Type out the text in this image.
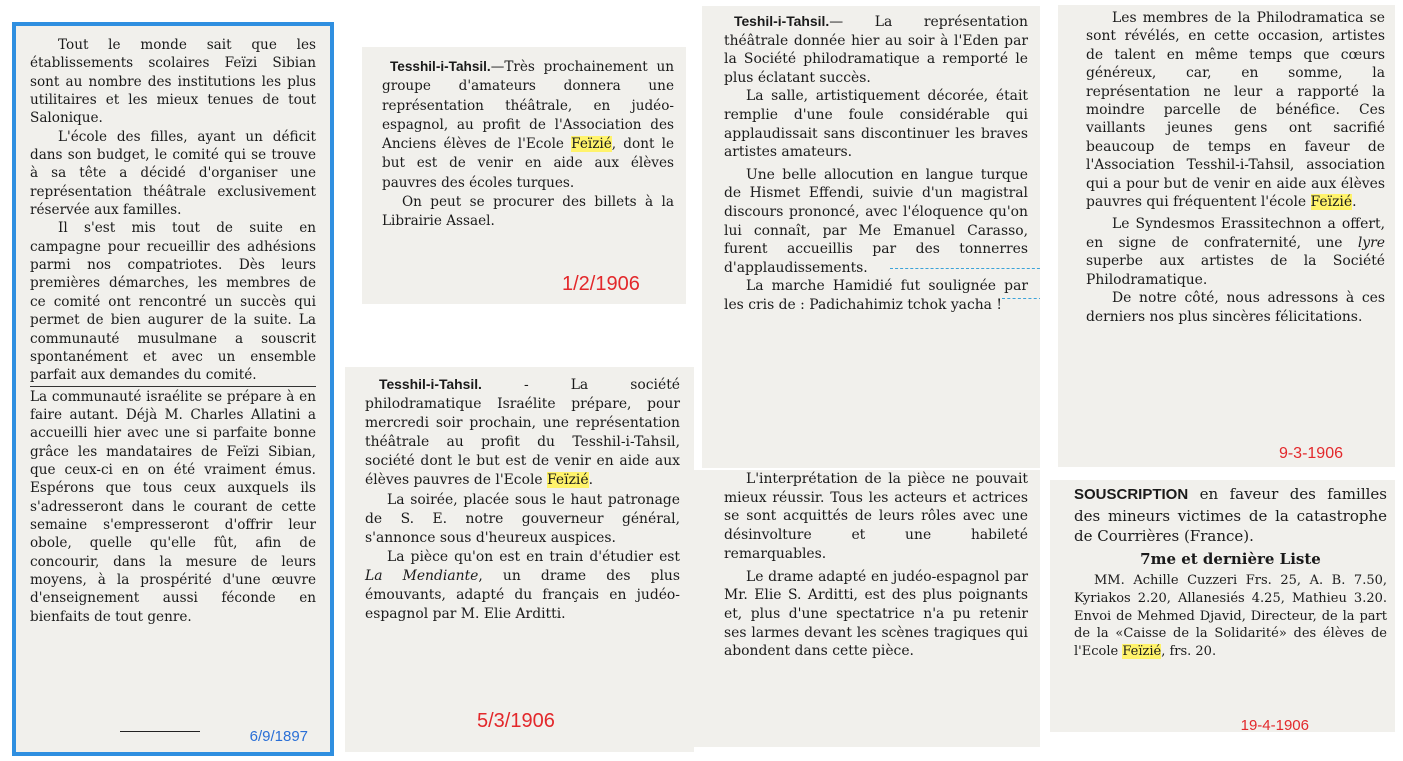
Tout le monde sait que les établissements scolaires Feïzi Sibian sont au nombre des institutions les plus utilitaires et les mieux tenues de tout Salonique.

L'école des filles, ayant un déficit dans son budget, le comité qui se trouve à sa tête a décidé d'organiser une représentation théâtrale exclusivement réservée aux familles.

Il s'est mis tout de suite en campagne pour recueillir des adhésions parmi nos compatriotes. Dès leurs premières démarches, les membres de ce comité ont rencontré un succès qui permet de bien augurer de la suite. La communauté musulmane a souscrit spontanément et avec un ensemble parfait aux demandes du comité.

La communauté israélite se prépare à en faire autant. Déjà M. Charles Allatini a accueilli hier avec une si parfaite bonne grâce les mandataires de Feïzi Sibian, que ceux-ci en on été vraiment émus. Espérons que tous ceux auxquels ils s'adresseront dans le courant de cette semaine s'empresseront d'offrir leur obole, quelle qu'elle fût, afin de concourir, dans la mesure de leurs moyens, à la prospérité d'une œuvre d'enseignement aussi féconde en bienfaits de tout genre.

6/9/1897

Tesshil-i-Tahsil.—Très prochainement un groupe d'amateurs donnera une représentation théâtrale, en judéo-espagnol, au profit de l'Association des Anciens élèves de l'Ecole Feïzié, dont le but est de venir en aide aux élèves pauvres des écoles turques.

On peut se procurer des billets à la Librairie Assael.

1/2/1906

Tesshil-i-Tahsil. - La société philodramatique Israélite prépare, pour mercredi soir prochain, une représentation théâtrale au profit du Tesshil-i-Tahsil, société dont le but est de venir en aide aux élèves pauvres de l'Ecole Feïzié.

La soirée, placée sous le haut patronage de S. E. notre gouverneur général, s'annonce sous d'heureux auspices.

La pièce qu'on est en train d'étudier est La Mendiante, un drame des plus émouvants, adapté du français en judéo-espagnol par M. Elie Arditti.

5/3/1906

Teshil-i-Tahsil.— La représentation théâtrale donnée hier au soir à l'Eden par la Société philodramatique a remporté le plus éclatant succès.

La salle, artistiquement décorée, était remplie d'une foule considérable qui applaudissait sans discontinuer les braves artistes amateurs.

Une belle allocution en langue turque de Hismet Effendi, suivie d'un magistral discours prononcé, avec l'éloquence qu'on lui connaît, par Me Emanuel Carasso, furent accueillis par des tonnerres d'applaudissements.

La marche Hamidié fut soulignée par les cris de : Padichahimiz tchok yacha !

L'interprétation de la pièce ne pouvait mieux réussir. Tous les acteurs et actrices se sont acquittés de leurs rôles avec une désinvolture et une habileté remarquables.

Le drame adapté en judéo-espagnol par Mr. Elie S. Arditti, est des plus poignants et, plus d'une spectatrice n'a pu retenir ses larmes devant les scènes tragiques qui abondent dans cette pièce.

Les membres de la Philodramatica se sont révélés, en cette occasion, artistes de talent en même temps que cœurs généreux, car, en somme, la représentation ne leur a rapporté la moindre parcelle de bénéfice. Ces vaillants jeunes gens ont sacrifié beaucoup de temps en faveur de l'Association Tesshil-i-Tahsil, association qui a pour but de venir en aide aux élèves pauvres qui fréquentent l'école Feïzié.

Le Syndesmos Erassitechnon a offert, en signe de confraternité, une lyre superbe aux artistes de la Société Philodramatique.

De notre côté, nous adressons à ces derniers nos plus sincères félicitations.

9-3-1906

SOUSCRIPTION en faveur des familles des mineurs victimes de la catastrophe de Courrières (France).

7me et dernière Liste

MM. Achille Cuzzeri Frs. 25, A. B. 7.50, Kyriakos 2.20, Allanesiés 4.25, Mathieu 3.20. Envoi de Mehmed Djavid, Directeur, de la part de la «Caisse de la Solidarité» des élèves de l'Ecole Feïzié, frs. 20.

19-4-1906
